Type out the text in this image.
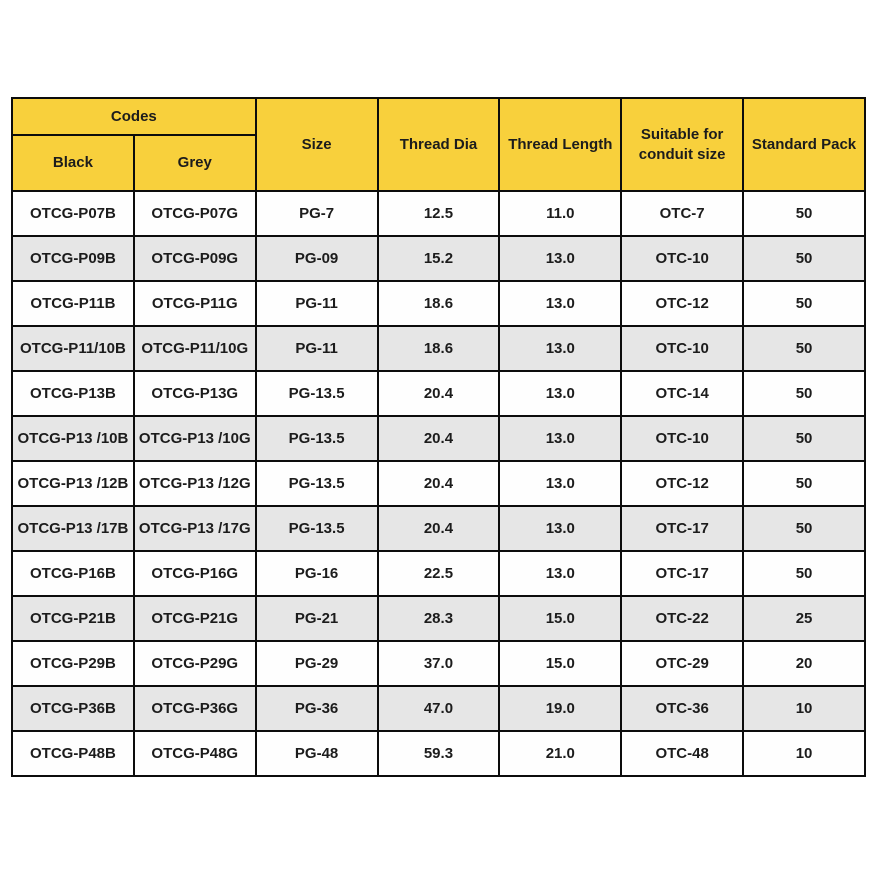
Codes		Size	Thread Dia	Thread Length	Suitable for conduit size	Standard Pack
Black	Grey					
OTCG-P07B	OTCG-P07G	PG-7	12.5	11.0	OTC-7	50
OTCG-P09B	OTCG-P09G	PG-09	15.2	13.0	OTC-10	50
OTCG-P11B	OTCG-P11G	PG-11	18.6	13.0	OTC-12	50
OTCG-P11/10B	OTCG-P11/10G	PG-11	18.6	13.0	OTC-10	50
OTCG-P13B	OTCG-P13G	PG-13.5	20.4	13.0	OTC-14	50
OTCG-P13 /10B	OTCG-P13 /10G	PG-13.5	20.4	13.0	OTC-10	50
OTCG-P13 /12B	OTCG-P13 /12G	PG-13.5	20.4	13.0	OTC-12	50
OTCG-P13 /17B	OTCG-P13 /17G	PG-13.5	20.4	13.0	OTC-17	50
OTCG-P16B	OTCG-P16G	PG-16	22.5	13.0	OTC-17	50
OTCG-P21B	OTCG-P21G	PG-21	28.3	15.0	OTC-22	25
OTCG-P29B	OTCG-P29G	PG-29	37.0	15.0	OTC-29	20
OTCG-P36B	OTCG-P36G	PG-36	47.0	19.0	OTC-36	10
OTCG-P48B	OTCG-P48G	PG-48	59.3	21.0	OTC-48	10
